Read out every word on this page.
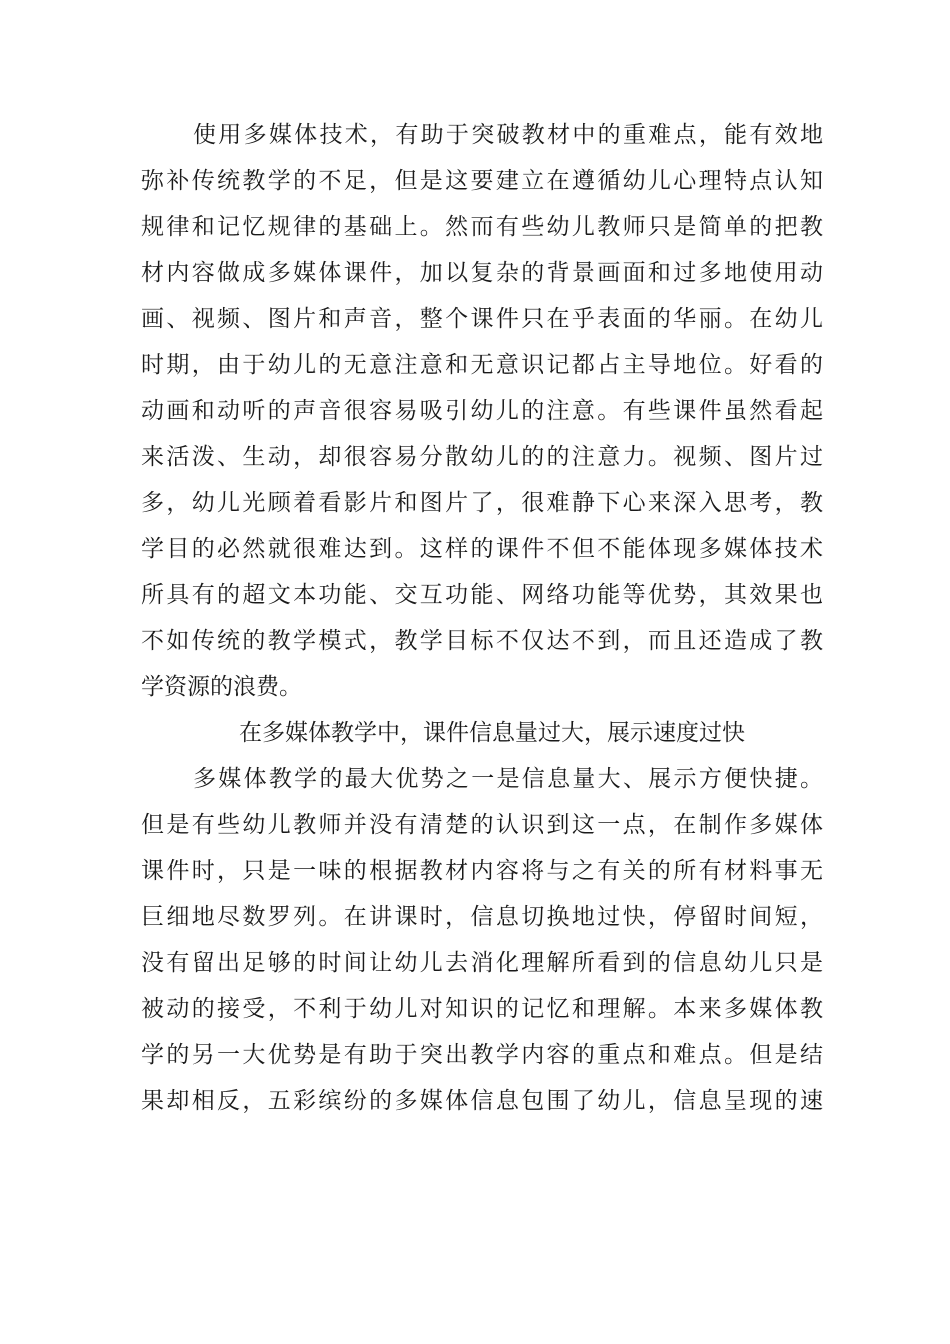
使用多媒体技术，有助于突破教材中的重难点，能有效地
弥补传统教学的不足，但是这要建立在遵循幼儿心理特点认知
规律和记忆规律的基础上。然而有些幼儿教师只是简单的把教
材内容做成多媒体课件，加以复杂的背景画面和过多地使用动
画、视频、图片和声音，整个课件只在乎表面的华丽。在幼儿
时期，由于幼儿的无意注意和无意识记都占主导地位。好看的
动画和动听的声音很容易吸引幼儿的注意。有些课件虽然看起
来活泼、生动，却很容易分散幼儿的的注意力。视频、图片过
多，幼儿光顾着看影片和图片了，很难静下心来深入思考，教
学目的必然就很难达到。这样的课件不但不能体现多媒体技术
所具有的超文本功能、交互功能、网络功能等优势，其效果也
不如传统的教学模式，教学目标不仅达不到，而且还造成了教
学资源的浪费。
在多媒体教学中，课件信息量过大，展示速度过快
多媒体教学的最大优势之一是信息量大、展示方便快捷。
但是有些幼儿教师并没有清楚的认识到这一点，在制作多媒体
课件时，只是一味的根据教材内容将与之有关的所有材料事无
巨细地尽数罗列。在讲课时，信息切换地过快，停留时间短，
没有留出足够的时间让幼儿去消化理解所看到的信息幼儿只是
被动的接受，不利于幼儿对知识的记忆和理解。本来多媒体教
学的另一大优势是有助于突出教学内容的重点和难点。但是结
果却相反，五彩缤纷的多媒体信息包围了幼儿，信息呈现的速
